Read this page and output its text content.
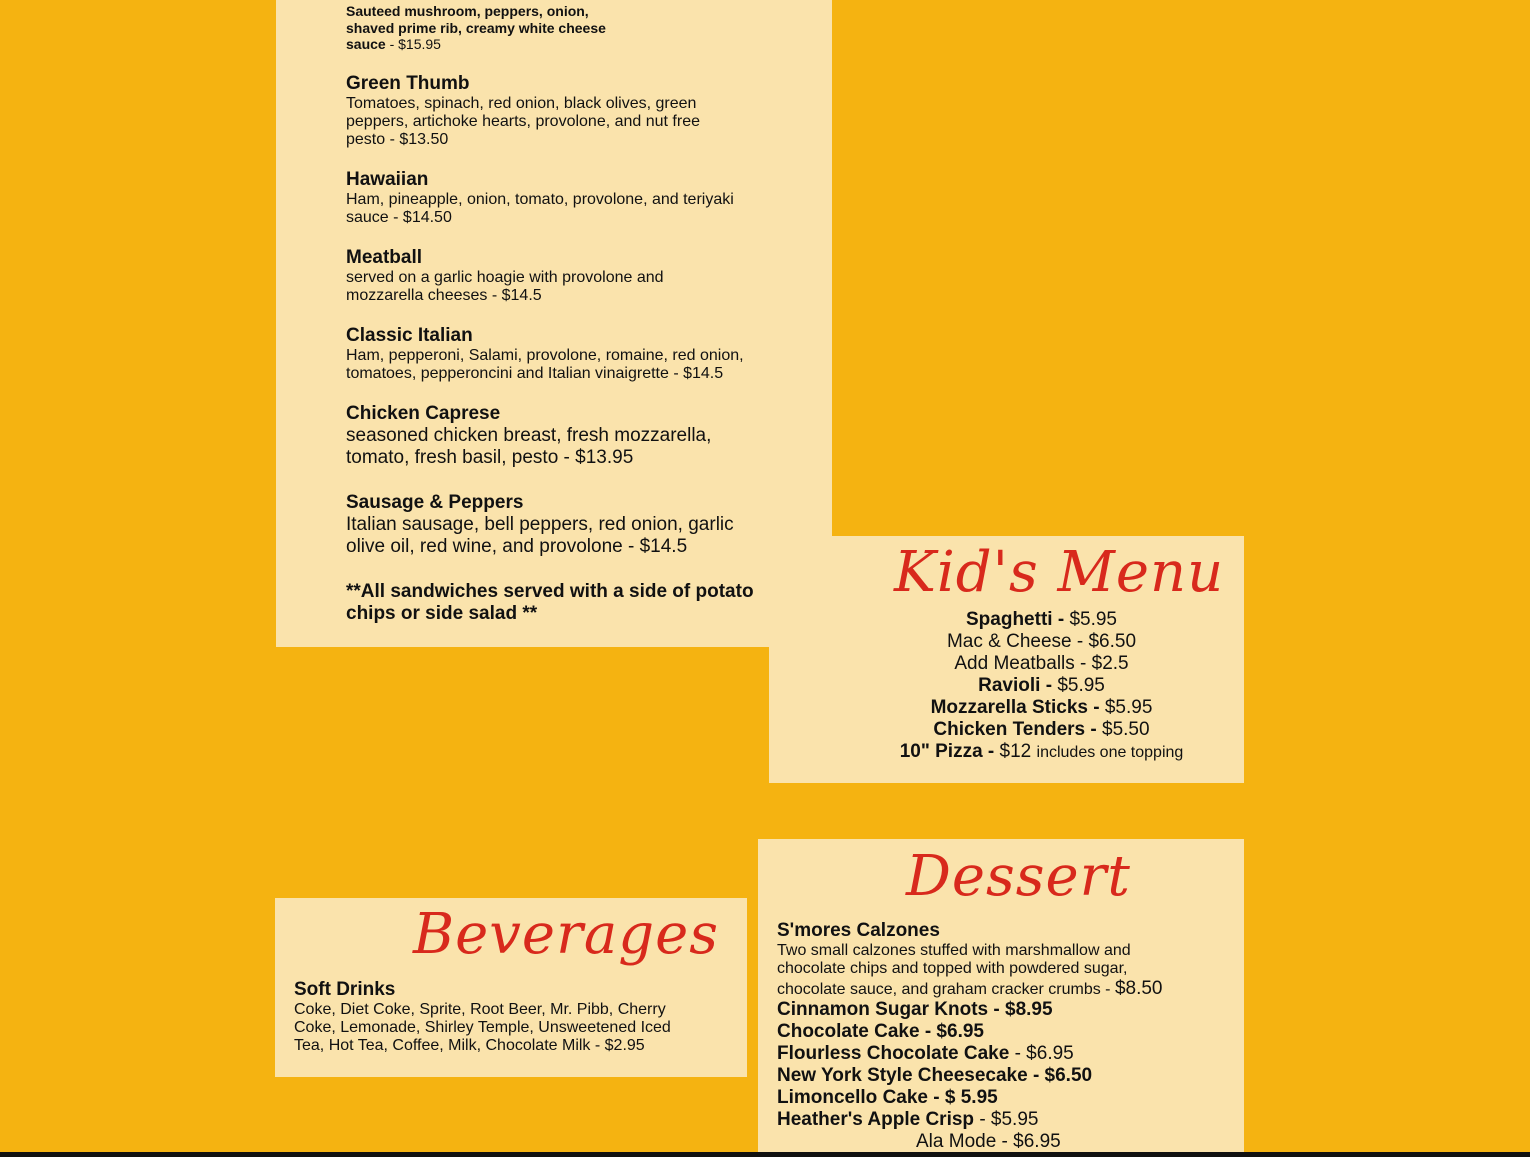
Sauteed mushroom, peppers, onion,
shaved prime rib, creamy white cheese
sauce - $15.95
Green Thumb
Tomatoes, spinach, red onion, black olives, green peppers, artichoke hearts, provolone, and nut free pesto - $13.50
Hawaiian
Ham, pineapple, onion, tomato, provolone, and teriyaki sauce - $14.50
Meatball
served on a garlic hoagie with provolone and mozzarella cheeses - $14.5
Classic Italian
Ham, pepperoni, Salami, provolone, romaine, red onion, tomatoes, pepperoncini and Italian vinaigrette - $14.5
Chicken Caprese
seasoned chicken breast, fresh mozzarella, tomato, fresh basil, pesto - $13.95
Sausage & Peppers
Italian sausage, bell peppers, red onion, garlic olive oil, red wine, and provolone - $14.5
**All sandwiches served with a side of potato chips or side salad **
Kid's Menu
Spaghetti - $5.95
Mac & Cheese - $6.50
Add Meatballs - $2.5
Ravioli - $5.95
Mozzarella Sticks - $5.95
Chicken Tenders - $5.50
10" Pizza - $12 includes one topping
Beverages
Soft Drinks
Coke, Diet Coke, Sprite, Root Beer, Mr. Pibb, Cherry Coke, Lemonade, Shirley Temple, Unsweetened Iced Tea, Hot Tea, Coffee, Milk, Chocolate Milk - $2.95
Dessert
S'mores Calzones
Two small calzones stuffed with marshmallow and
chocolate chips and topped with powdered sugar,
chocolate sauce, and graham cracker crumbs - $8.50
Cinnamon Sugar Knots - $8.95
Chocolate Cake - $6.95
Flourless Chocolate Cake - $6.95
New York Style Cheesecake - $6.50
Limoncello Cake - $ 5.95
Heather's Apple Crisp - $5.95
Ala Mode - $6.95
